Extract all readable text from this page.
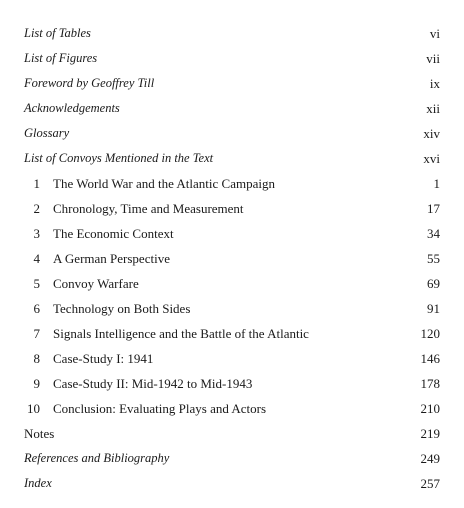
List of Tables	vi
List of Figures	vii
Foreword by Geoffrey Till	ix
Acknowledgements	xii
Glossary	xiv
List of Convoys Mentioned in the Text	xvi
1 The World War and the Atlantic Campaign	1
2 Chronology, Time and Measurement	17
3 The Economic Context	34
4 A German Perspective	55
5 Convoy Warfare	69
6 Technology on Both Sides	91
7 Signals Intelligence and the Battle of the Atlantic	120
8 Case-Study I: 1941	146
9 Case-Study II: Mid-1942 to Mid-1943	178
10 Conclusion: Evaluating Plays and Actors	210
Notes	219
References and Bibliography	249
Index	257
